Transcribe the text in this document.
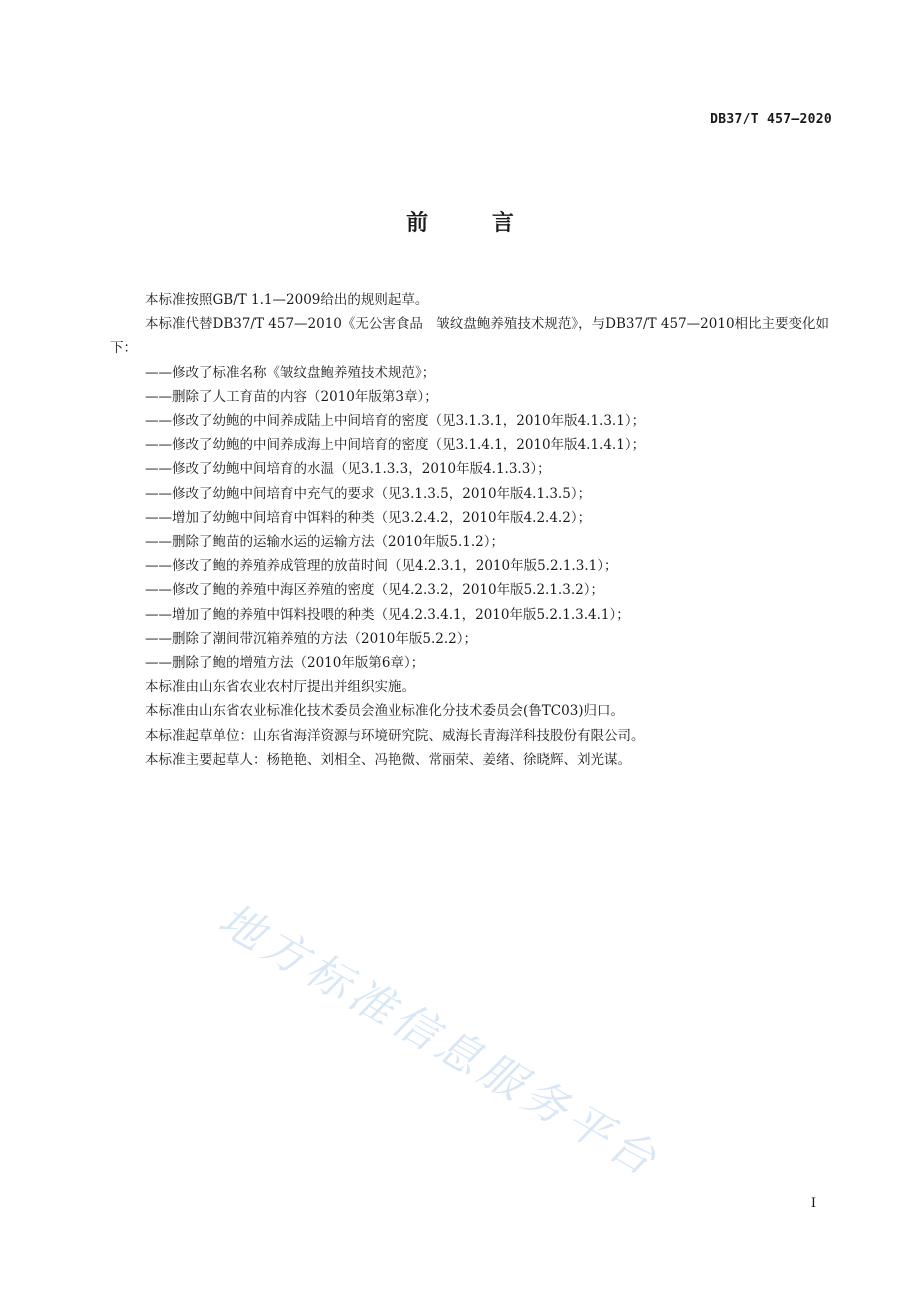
DB37/T 457—2020
前 言

本标准按照GB/T 1.1—2009给出的规则起草。

本标准代替DB37/T 457—2010《无公害食品　皱纹盘鲍养殖技术规范》，与DB37/T 457—2010相比主要变化如下：

——修改了标准名称《皱纹盘鲍养殖技术规范》；

——删除了人工育苗的内容（2010年版第3章）；

——修改了幼鲍的中间养成陆上中间培育的密度（见3.1.3.1，2010年版4.1.3.1）；

——修改了幼鲍的中间养成海上中间培育的密度（见3.1.4.1，2010年版4.1.4.1）；

——修改了幼鲍中间培育的水温（见3.1.3.3，2010年版4.1.3.3）；

——修改了幼鲍中间培育中充气的要求（见3.1.3.5，2010年版4.1.3.5）；

——增加了幼鲍中间培育中饵料的种类（见3.2.4.2，2010年版4.2.4.2）；

——删除了鲍苗的运输水运的运输方法（2010年版5.1.2）；

——修改了鲍的养殖养成管理的放苗时间（见4.2.3.1，2010年版5.2.1.3.1）；

——修改了鲍的养殖中海区养殖的密度（见4.2.3.2，2010年版5.2.1.3.2）；

——增加了鲍的养殖中饵料投喂的种类（见4.2.3.4.1，2010年版5.2.1.3.4.1）；

——删除了潮间带沉箱养殖的方法（2010年版5.2.2）；

——删除了鲍的增殖方法（2010年版第6章）；

本标准由山东省农业农村厅提出并组织实施。

本标准由山东省农业标准化技术委员会渔业标准化分技术委员会(鲁TC03)归口。

本标准起草单位：山东省海洋资源与环境研究院、威海长青海洋科技股份有限公司。

本标准主要起草人：杨艳艳、刘相全、冯艳微、常丽荣、姜绪、徐晓辉、刘光谋。

地方标准信息服务平台
I
